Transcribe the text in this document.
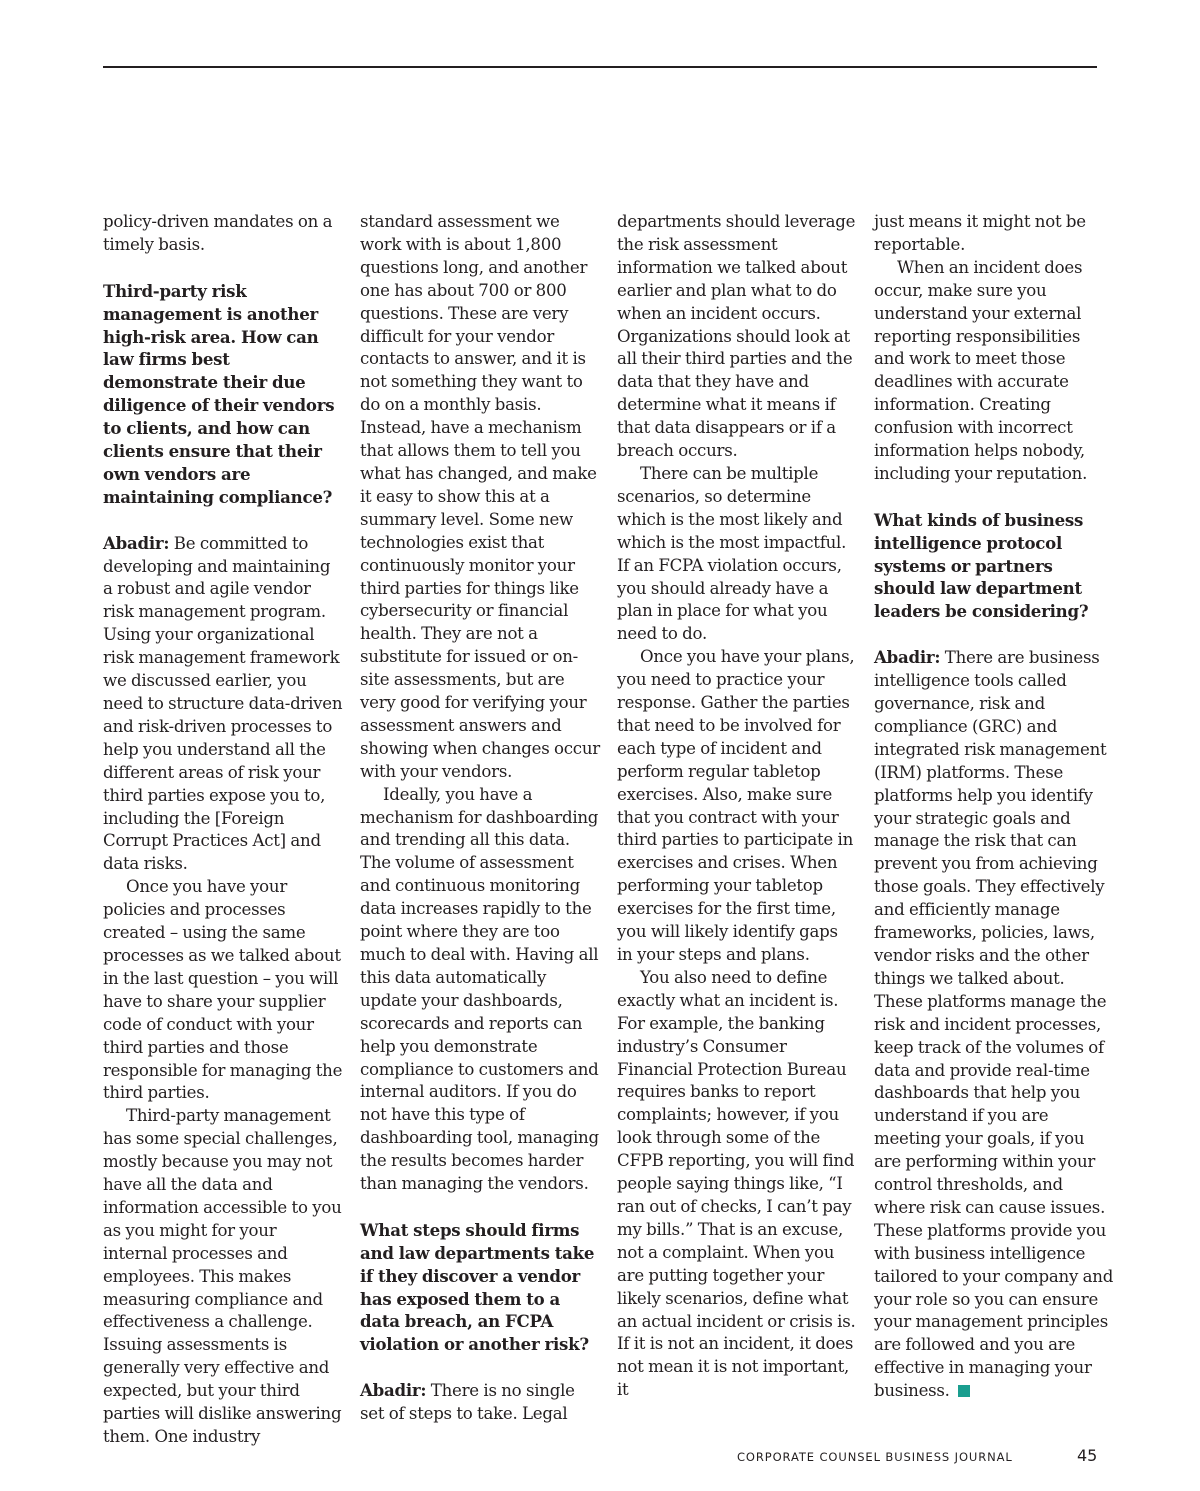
policy-driven mandates on a timely basis.

Third-party risk management is another high-risk area. How can law firms best demonstrate their due diligence of their vendors to clients, and how can clients ensure that their own vendors are maintaining compliance?

Abadir: Be committed to developing and maintaining a robust and agile vendor risk management program. Using your organizational risk management framework we discussed earlier, you need to structure data-driven and risk-driven processes to help you understand all the different areas of risk your third parties expose you to, including the [Foreign Corrupt Practices Act] and data risks.

Once you have your policies and processes created – using the same processes as we talked about in the last question – you will have to share your supplier code of conduct with your third parties and those responsible for managing the third parties.

Third-party management has some special challenges, mostly because you may not have all the data and information accessible to you as you might for your internal processes and employees. This makes measuring compliance and effectiveness a challenge. Issuing assessments is generally very effective and expected, but your third parties will dislike answering them. One industry

standard assessment we work with is about 1,800 questions long, and another one has about 700 or 800 questions. These are very difficult for your vendor contacts to answer, and it is not something they want to do on a monthly basis. Instead, have a mechanism that allows them to tell you what has changed, and make it easy to show this at a summary level. Some new technologies exist that continuously monitor your third parties for things like cybersecurity or financial health. They are not a substitute for issued or on-site assessments, but are very good for verifying your assessment answers and showing when changes occur with your vendors.

Ideally, you have a mechanism for dashboarding and trending all this data. The volume of assessment and continuous monitoring data increases rapidly to the point where they are too much to deal with. Having all this data automatically update your dashboards, scorecards and reports can help you demonstrate compliance to customers and internal auditors. If you do not have this type of dashboarding tool, managing the results becomes harder than managing the vendors.

What steps should firms and law departments take if they discover a vendor has exposed them to a data breach, an FCPA violation or another risk?

Abadir: There is no single set of steps to take. Legal

departments should leverage the risk assessment information we talked about earlier and plan what to do when an incident occurs. Organizations should look at all their third parties and the data that they have and determine what it means if that data disappears or if a breach occurs.

There can be multiple scenarios, so determine which is the most likely and which is the most impactful. If an FCPA violation occurs, you should already have a plan in place for what you need to do.

Once you have your plans, you need to practice your response. Gather the parties that need to be involved for each type of incident and perform regular tabletop exercises. Also, make sure that you contract with your third parties to participate in exercises and crises. When performing your tabletop exercises for the first time, you will likely identify gaps in your steps and plans.

You also need to define exactly what an incident is. For example, the banking industry’s Consumer Financial Protection Bureau requires banks to report complaints; however, if you look through some of the CFPB reporting, you will find people saying things like, “I ran out of checks, I can’t pay my bills.” That is an excuse, not a complaint. When you are putting together your likely scenarios, define what an actual incident or crisis is. If it is not an incident, it does not mean it is not important, it

just means it might not be reportable.

When an incident does occur, make sure you understand your external reporting responsibilities and work to meet those deadlines with accurate information. Creating confusion with incorrect information helps nobody, including your reputation.

What kinds of business intelligence protocol systems or partners should law department leaders be considering?

Abadir: There are business intelligence tools called governance, risk and compliance (GRC) and integrated risk management (IRM) platforms. These platforms help you identify your strategic goals and manage the risk that can prevent you from achieving those goals. They effectively and efficiently manage frameworks, policies, laws, vendor risks and the other things we talked about. These platforms manage the risk and incident processes, keep track of the volumes of data and provide real-time dashboards that help you understand if you are meeting your goals, if you are performing within your control thresholds, and where risk can cause issues. These platforms provide you with business intelligence tailored to your company and your role so you can ensure your management principles are followed and you are effective in managing your business.

CORPORATE COUNSEL BUSINESS JOURNAL	45
